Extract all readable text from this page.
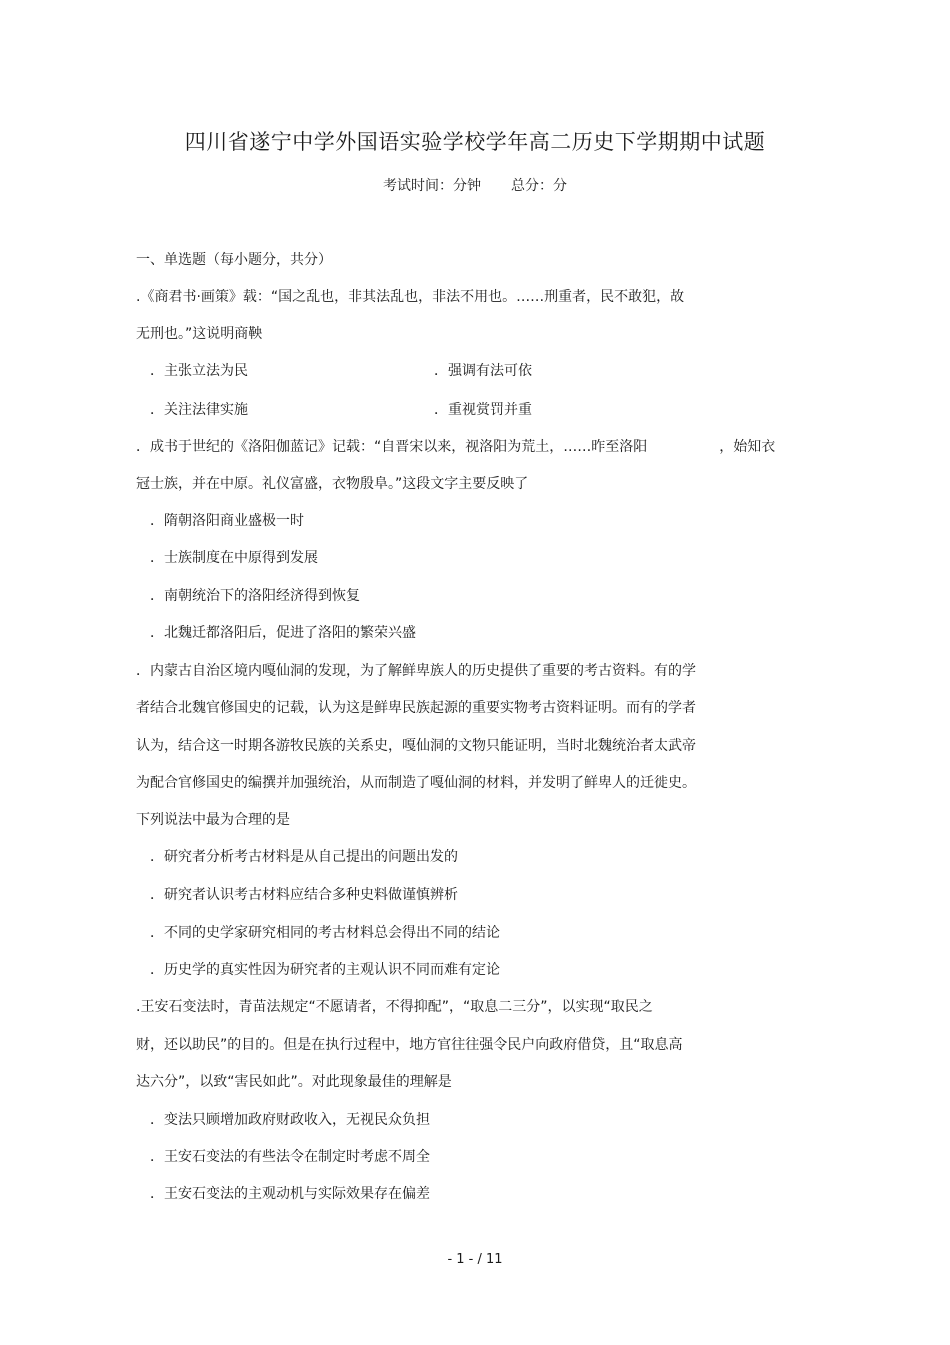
四川省遂宁中学外国语实验学校学年高二历史下学期期中试题
考试时间：分钟 总分：分
一、单选题（每小题分，共分）
.《商君书·画策》载：“国之乱也，非其法乱也，非法不用也。……刑重者，民不敢犯，故
无刑也。”这说明商鞅
．主张立法为民	．强调有法可依
．关注法律实施	．重视赏罚并重
．成书于世纪的《洛阳伽蓝记》记载：“自晋宋以来，视洛阳为荒土，……昨至洛阳	，始知衣
冠士族，并在中原。礼仪富盛，衣物殷阜。”这段文字主要反映了
．隋朝洛阳商业盛极一时
．士族制度在中原得到发展
．南朝统治下的洛阳经济得到恢复
．北魏迁都洛阳后，促进了洛阳的繁荣兴盛
．内蒙古自治区境内嘎仙洞的发现，为了解鲜卑族人的历史提供了重要的考古资料。有的学
者结合北魏官修国史的记载，认为这是鲜卑民族起源的重要实物考古资料证明。而有的学者
认为，结合这一时期各游牧民族的关系史，嘎仙洞的文物只能证明，当时北魏统治者太武帝
为配合官修国史的编撰并加强统治，从而制造了嘎仙洞的材料，并发明了鲜卑人的迁徙史。
下列说法中最为合理的是
．研究者分析考古材料是从自己提出的问题出发的
．研究者认识考古材料应结合多种史料做谨慎辨析
．不同的史学家研究相同的考古材料总会得出不同的结论
．历史学的真实性因为研究者的主观认识不同而难有定论
.王安石变法时，青苗法规定“不愿请者，不得抑配”，“取息二三分”，以实现“取民之
财，还以助民”的目的。但是在执行过程中，地方官往往强令民户向政府借贷，且“取息高
达六分”，以致“害民如此”。对此现象最佳的理解是
．变法只顾增加政府财政收入，无视民众负担
．王安石变法的有些法令在制定时考虑不周全
．王安石变法的主观动机与实际效果存在偏差
- 1 - / 11
